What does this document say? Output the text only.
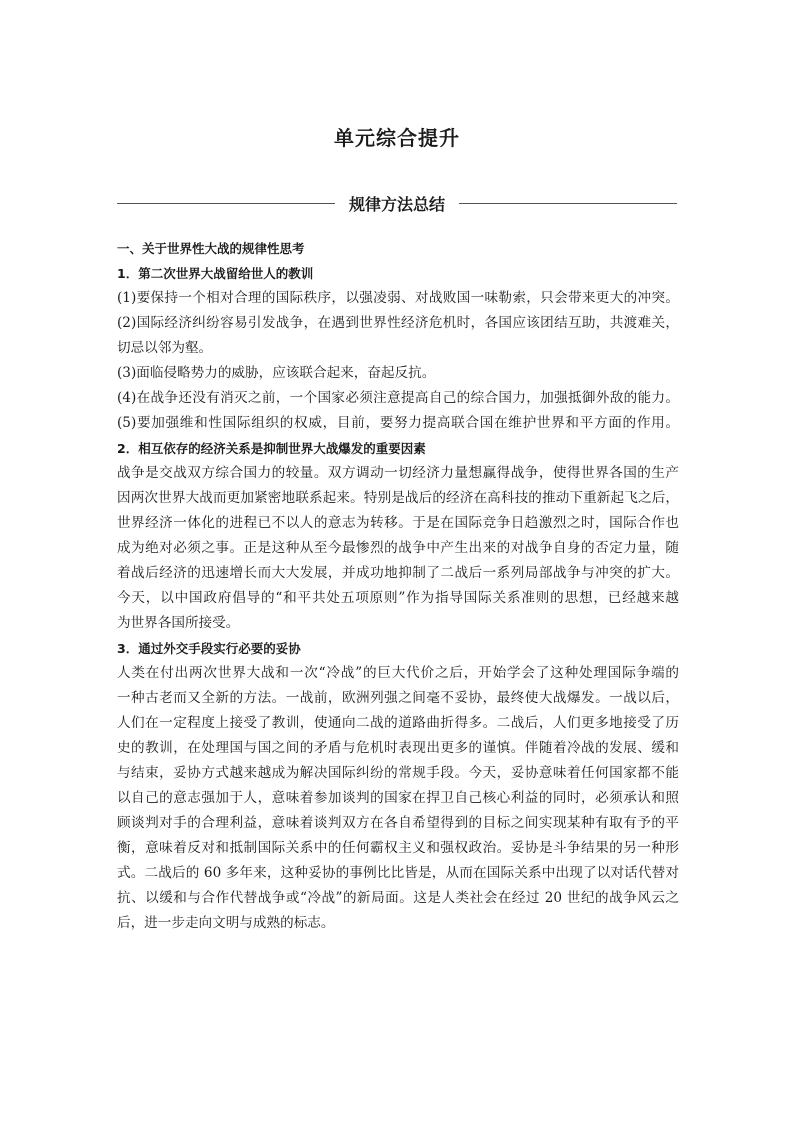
单元综合提升
规律方法总结
一、关于世界性大战的规律性思考
1．第二次世界大战留给世人的教训
(1)要保持一个相对合理的国际秩序，以强凌弱、对战败国一味勒索，只会带来更大的冲突。
(2)国际经济纠纷容易引发战争，在遇到世界性经济危机时，各国应该团结互助，共渡难关，
切忌以邻为壑。
(3)面临侵略势力的威胁，应该联合起来，奋起反抗。
(4)在战争还没有消灭之前，一个国家必须注意提高自己的综合国力，加强抵御外敌的能力。
(5)要加强维和性国际组织的权威，目前，要努力提高联合国在维护世界和平方面的作用。
2．相互依存的经济关系是抑制世界大战爆发的重要因素
战争是交战双方综合国力的较量。双方调动一切经济力量想赢得战争，使得世界各国的生产
因两次世界大战而更加紧密地联系起来。特别是战后的经济在高科技的推动下重新起飞之后，
世界经济一体化的进程已不以人的意志为转移。于是在国际竞争日趋激烈之时，国际合作也
成为绝对必须之事。正是这种从至今最惨烈的战争中产生出来的对战争自身的否定力量，随
着战后经济的迅速增长而大大发展，并成功地抑制了二战后一系列局部战争与冲突的扩大。
今天，以中国政府倡导的“和平共处五项原则”作为指导国际关系准则的思想，已经越来越
为世界各国所接受。
3．通过外交手段实行必要的妥协
人类在付出两次世界大战和一次“冷战”的巨大代价之后，开始学会了这种处理国际争端的
一种古老而又全新的方法。一战前，欧洲列强之间毫不妥协，最终使大战爆发。一战以后，
人们在一定程度上接受了教训，使通向二战的道路曲折得多。二战后，人们更多地接受了历
史的教训，在处理国与国之间的矛盾与危机时表现出更多的谨慎。伴随着冷战的发展、缓和
与结束，妥协方式越来越成为解决国际纠纷的常规手段。今天，妥协意味着任何国家都不能
以自己的意志强加于人，意味着参加谈判的国家在捍卫自己核心利益的同时，必须承认和照
顾谈判对手的合理利益，意味着谈判双方在各自希望得到的目标之间实现某种有取有予的平
衡，意味着反对和抵制国际关系中的任何霸权主义和强权政治。妥协是斗争结果的另一种形
式。二战后的 60 多年来，这种妥协的事例比比皆是，从而在国际关系中出现了以对话代替对
抗、以缓和与合作代替战争或“冷战”的新局面。这是人类社会在经过 20 世纪的战争风云之
后，进一步走向文明与成熟的标志。
